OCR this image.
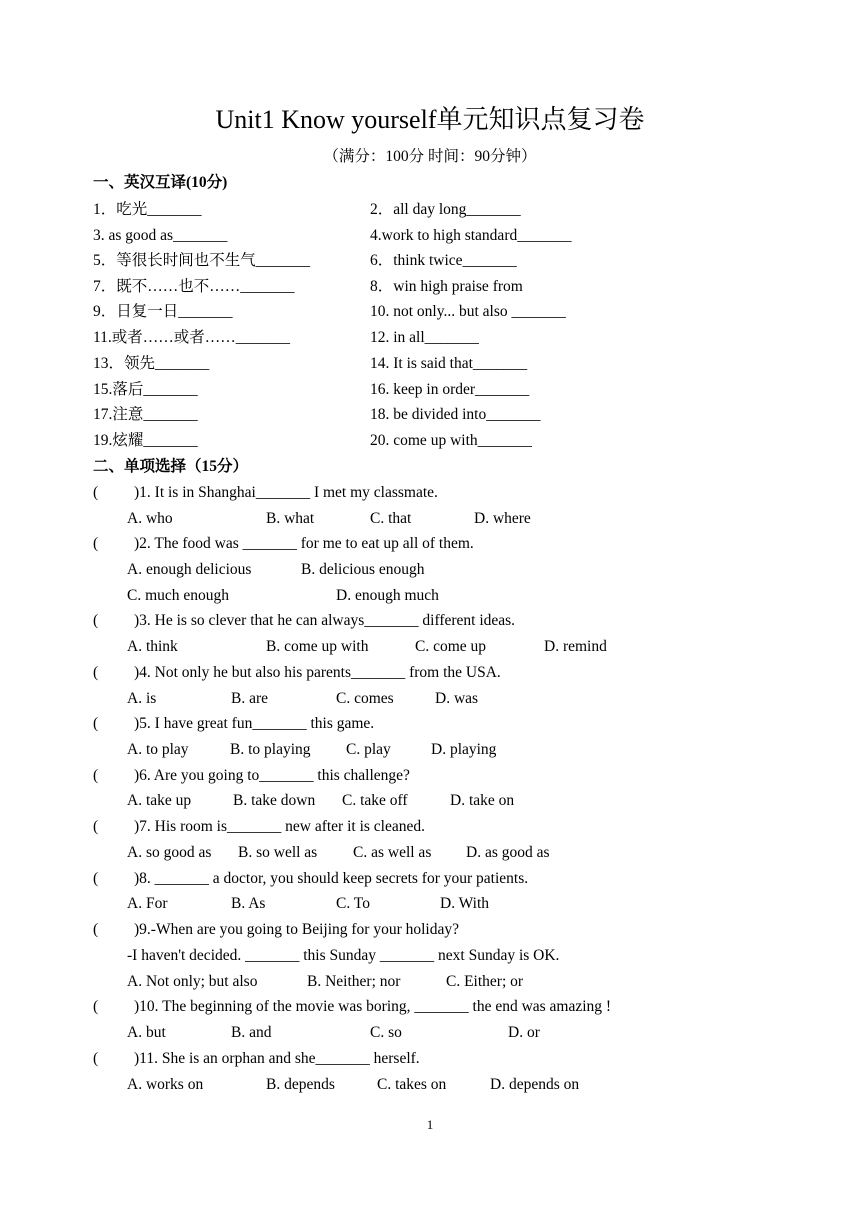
Unit1 Know yourself单元知识点复习卷
（满分：100分 时间：90分钟）
一、英汉互译(10分)
1．吃光_______	2．all day long_______
3. as good as_______	4.work to high standard_______
5．等很长时间也不生气_______	6．think twice_______
7．既不……也不……_______	8．win high praise from
9．日复一日_______	10. not only... but also _______
11.或者……或者……_______	12. in all_______
13．领先_______	14. It is said that_______
15.落后_______	16. keep in order_______
17.注意_______	18. be divided into_______
19.炫耀_______	20. come up with_______
二、单项选择（15分）
( )1. It is in Shanghai_______ I met my classmate.
A. who	B. what	C. that	D. where
( )2. The food was _______ for me to eat up all of them.
A. enough delicious	B. delicious enough
C. much enough	D. enough much
( )3. He is so clever that he can always_______ different ideas.
A. think	B. come up with	C. come up	D. remind
( )4. Not only he but also his parents_______ from the USA.
A. is	B. are	C. comes	D. was
( )5. I have great fun_______ this game.
A. to play	B. to playing C. play	D. playing
( )6. Are you going to_______ this challenge?
A. take up	B. take down C. take off	D. take on
( )7. His room is_______ new after it is cleaned.
A. so good as B. so well as C. as well as D. as good as
( )8. _______ a doctor, you should keep secrets for your patients.
A. For	B. As	C. To	D. With
( )9.-When are you going to Beijing for your holiday?
-I haven't decided. _______ this Sunday _______ next Sunday is OK.
A. Not only; but also	B. Neither; nor	C. Either; or
( )10. The beginning of the movie was boring, _______ the end was amazing !
A. but	B. and	C. so	D. or
( )11. She is an orphan and she_______ herself.
A. works on	B. depends	C. takes on	D. depends on
1
